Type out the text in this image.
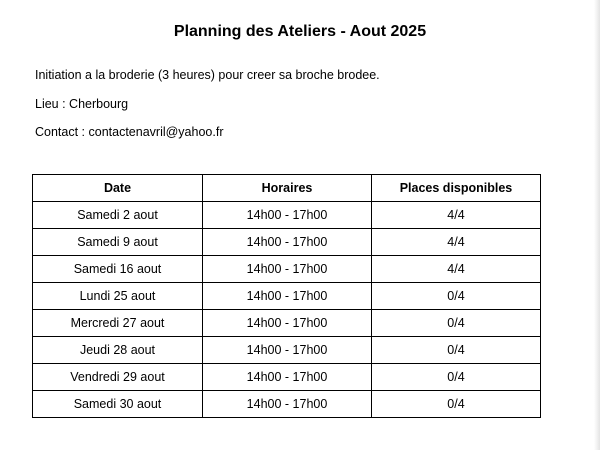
Planning des Ateliers - Aout 2025
Initiation a la broderie (3 heures) pour creer sa broche brodee.
Lieu : Cherbourg
Contact : contactenavril@yahoo.fr
Date	Horaires	Places disponibles
Samedi 2 aout	14h00 - 17h00	4/4
Samedi 9 aout	14h00 - 17h00	4/4
Samedi 16 aout	14h00 - 17h00	4/4
Lundi 25 aout	14h00 - 17h00	0/4
Mercredi 27 aout	14h00 - 17h00	0/4
Jeudi 28 aout	14h00 - 17h00	0/4
Vendredi 29 aout	14h00 - 17h00	0/4
Samedi 30 aout	14h00 - 17h00	0/4
